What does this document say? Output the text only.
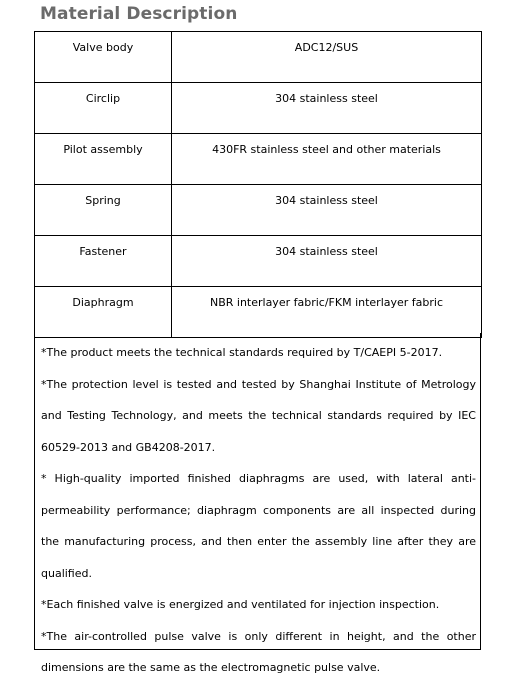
Material Description
Valve body	ADC12/SUS
Circlip	304 stainless steel
Pilot assembly	430FR stainless steel and other materials
Spring	304 stainless steel
Fastener	304 stainless steel
Diaphragm	NBR interlayer fabric/FKM interlayer fabric

*The product meets the technical standards required by T/CAEPI 5-2017.

*The protection level is tested and tested by Shanghai Institute of Metrology and Testing Technology, and meets the technical standards required by IEC 60529-2013 and GB4208-2017.

* High-quality imported finished diaphragms are used, with lateral anti-permeability performance; diaphragm components are all inspected during the manufacturing process, and then enter the assembly line after they are qualified.

*Each finished valve is energized and ventilated for injection inspection.

*The air-controlled pulse valve is only different in height, and the other dimensions are the same as the electromagnetic pulse valve.
